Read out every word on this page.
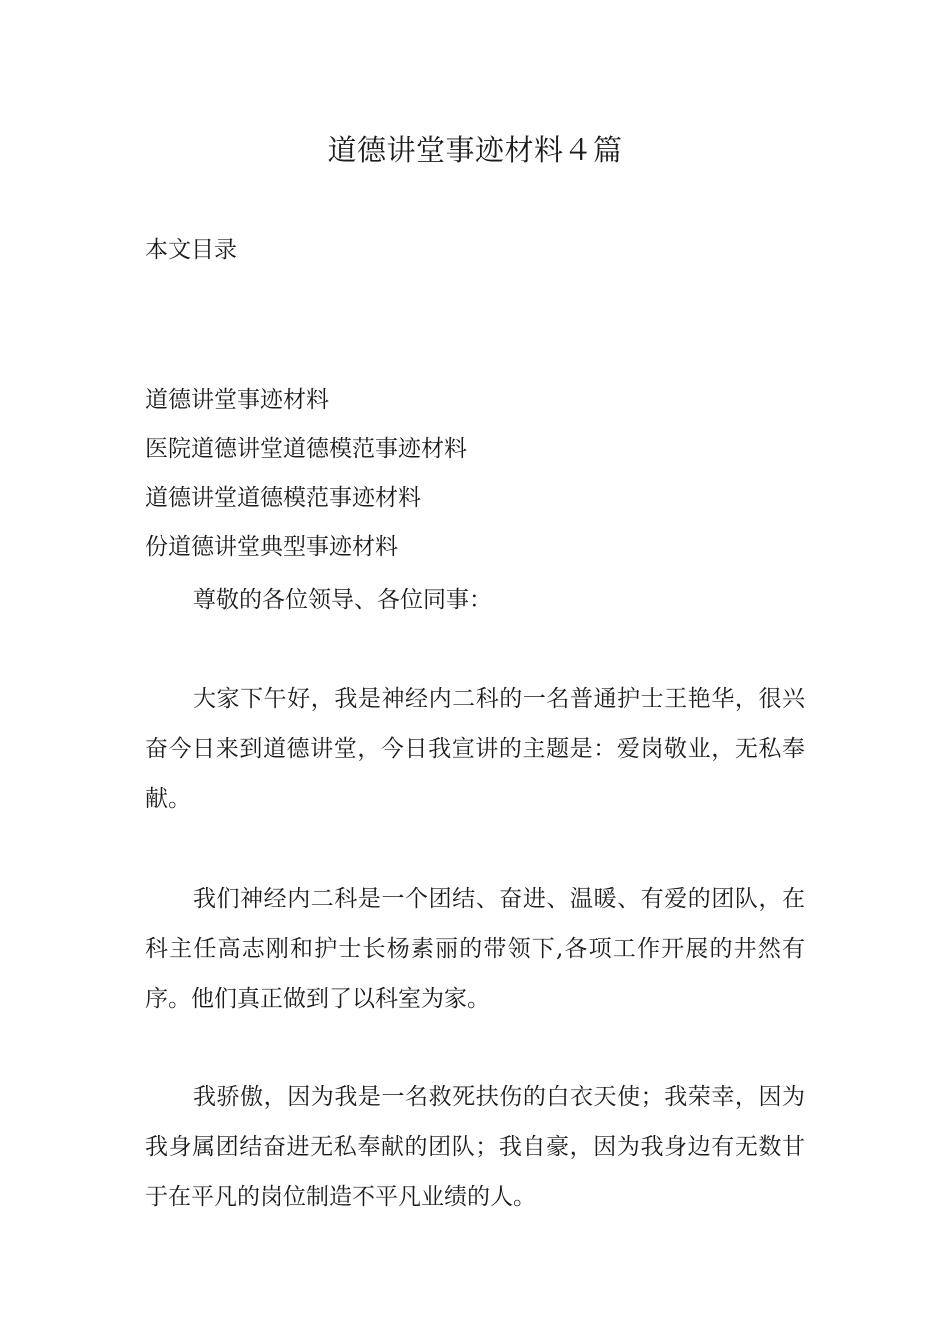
道德讲堂事迹材料４篇
本文目录
道德讲堂事迹材料
医院道德讲堂道德模范事迹材料
道德讲堂道德模范事迹材料
份道德讲堂典型事迹材料
尊敬的各位领导、各位同事：

大家下午好，我是神经内二科的一名普通护士王艳华，很兴奋今日来到道德讲堂，今日我宣讲的主题是：爱岗敬业，无私奉献。

我们神经内二科是一个团结、奋进、温暖、有爱的团队，在科主任高志刚和护士长杨素丽的带领下,各项工作开展的井然有序。他们真正做到了以科室为家。

我骄傲，因为我是一名救死扶伤的白衣天使；我荣幸，因为我身属团结奋进无私奉献的团队；我自豪，因为我身边有无数甘于在平凡的岗位制造不平凡业绩的人。
